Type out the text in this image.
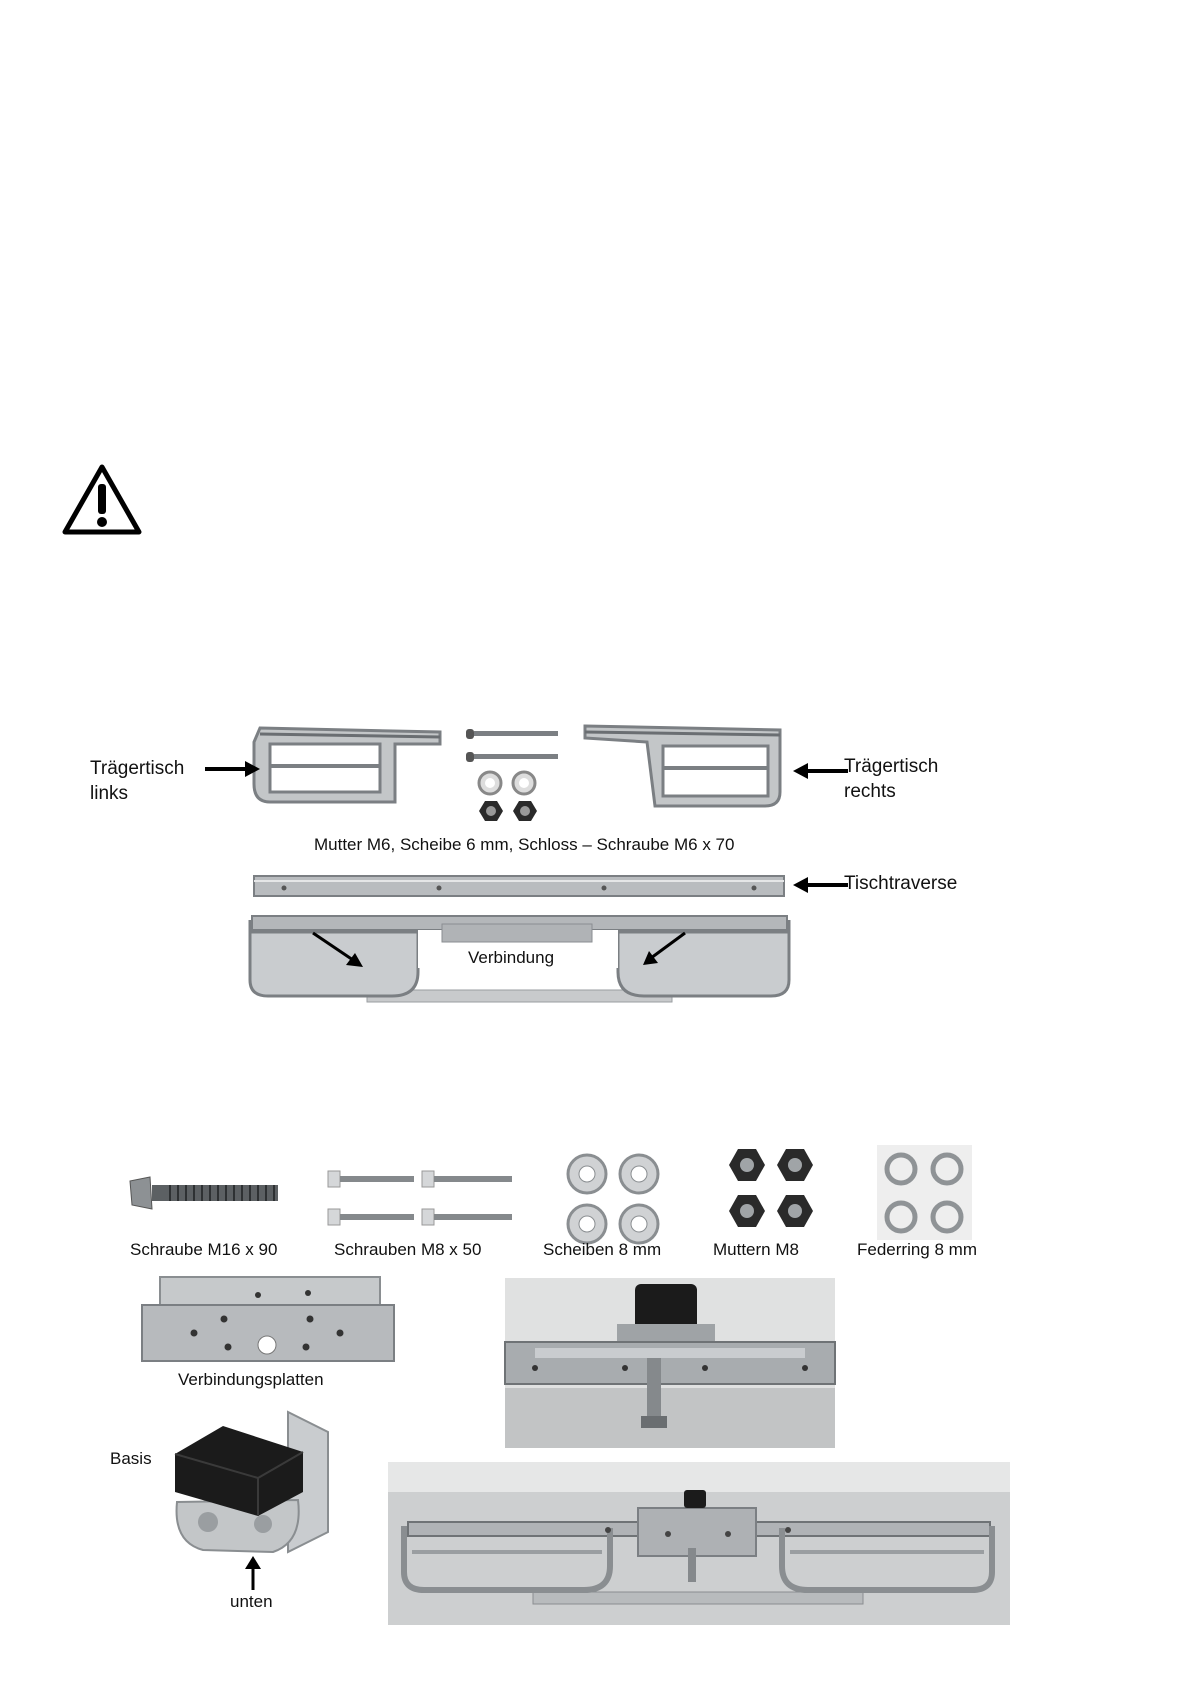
Trägertisch
links
Trägertisch
rechts
Mutter M6, Scheibe 6 mm, Schloss – Schraube M6 x 70
Tischtraverse
Verbindung
Schraube M16 x 90	Schrauben M8 x 50	Scheiben 8 mm	Muttern M8	Federring 8 mm
Verbindungsplatten
Basis
unten
